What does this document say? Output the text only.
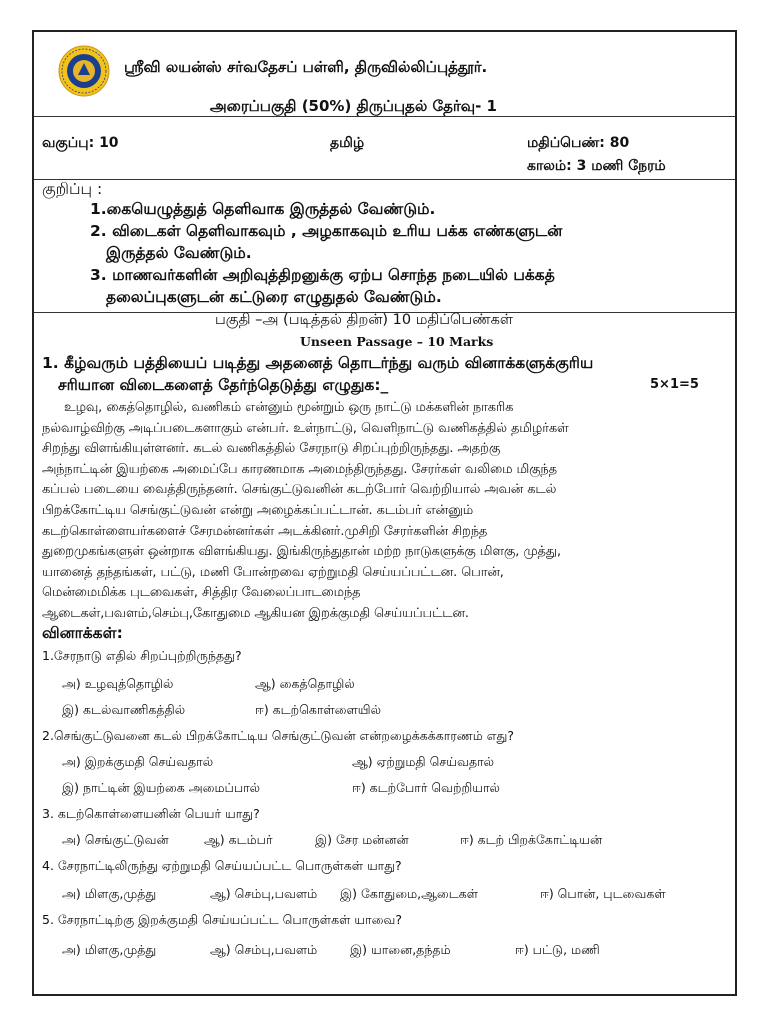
ஸ்ரீவி லயன்ஸ் சர்வதேசப் பள்ளி, திருவில்லிப்புத்தூர்.
அரைப்பகுதி (50%) திருப்புதல் தேர்வு- 1
வகுப்பு: 10	தமிழ்	மதிப்பெண்: 80
காலம்: 3 மணி நேரம்
குறிப்பு :
1.கையெழுத்துத் தெளிவாக இருத்தல் வேண்டும்.
2. விடைகள் தெளிவாகவும் , அழகாகவும் உரிய பக்க எண்களுடன்
இருத்தல் வேண்டும்.
3. மாணவர்களின் அறிவுத்திறனுக்கு ஏற்ப சொந்த நடையில் பக்கத்
தலைப்புகளுடன் கட்டுரை எழுதுதல் வேண்டும்.
பகுதி –அ (படித்தல் திறன்) 10 மதிப்பெண்கள்
Unseen Passage – 10 Marks
1. கீழ்வரும் பத்தியைப் படித்து அதனைத் தொடர்ந்து வரும் வினாக்களுக்குரிய
சரியான விடைகளைத் தேர்ந்தெடுத்து எழுதுக:_	5×1=5
உழவு, கைத்தொழில், வணிகம் என்னும் மூன்றும் ஒரு நாட்டு மக்களின் நாகரிக
நல்வாழ்விற்கு அடிப்படைகளாகும் என்பர். உள்நாட்டு, வெளிநாட்டு வணிகத்தில் தமிழர்கள்
சிறந்து விளங்கியுள்ளனர். கடல் வணிகத்தில் சேரநாடு சிறப்புற்றிருந்தது. அதற்கு
அந்நாட்டின் இயற்கை அமைப்பே காரணமாக அமைந்திருந்தது. சேரர்கள் வலிமை மிகுந்த
கப்பல் படையை வைத்திருந்தனர். செங்குட்டுவனின் கடற்போர் வெற்றியால் அவன் கடல்
பிறக்கோட்டிய செங்குட்டுவன் என்று அழைக்கப்பட்டான். கடம்பர் என்னும்
கடற்கொள்ளையர்களைச் சேரமன்னர்கள் அடக்கினர்.முசிறி சேரர்களின் சிறந்த
துறைமுகங்களுள் ஒன்றாக விளங்கியது. இங்கிருந்துதான் மற்ற நாடுகளுக்கு மிளகு, முத்து,
யானைத் தந்தங்கள், பட்டு, மணி போன்றவை ஏற்றுமதி செய்யப்பட்டன. பொன்,
மென்மைமிக்க புடவைகள், சித்திர வேலைப்பாடமைந்த
ஆடைகள்,பவளம்,செம்பு,கோதுமை ஆகியன இறக்குமதி செய்யப்பட்டன.
வினாக்கள்:
1.சேரநாடு எதில் சிறப்புற்றிருந்தது?
அ) உழவுத்தொழில்	ஆ) கைத்தொழில்
இ) கடல்வாணிகத்தில்	ஈ) கடற்கொள்ளையில்
2.செங்குட்டுவனை கடல் பிறக்கோட்டிய செங்குட்டுவன் என்றழைக்கக்காரணம் எது?
அ) இறக்குமதி செய்வதால்	ஆ) ஏற்றுமதி செய்வதால்
இ) நாட்டின் இயற்கை அமைப்பால்	ஈ) கடற்போர் வெற்றியால்
3. கடற்கொள்ளையனின் பெயர் யாது?
அ) செங்குட்டுவன்	ஆ) கடம்பர்	இ) சேர மன்னன்	ஈ) கடற் பிறக்கோட்டியன்
4. சேரநாட்டிலிருந்து ஏற்றுமதி செய்யப்பட்ட பொருள்கள் யாது?
அ) மிளகு,முத்து	ஆ) செம்பு,பவளம் இ) கோதுமை,ஆடைகள்	ஈ) பொன், புடவைகள்
5. சேரநாட்டிற்கு இறக்குமதி செய்யப்பட்ட பொருள்கள் யாவை?
அ) மிளகு,முத்து	ஆ) செம்பு,பவளம்	இ) யானை,தந்தம்	ஈ) பட்டு, மணி
